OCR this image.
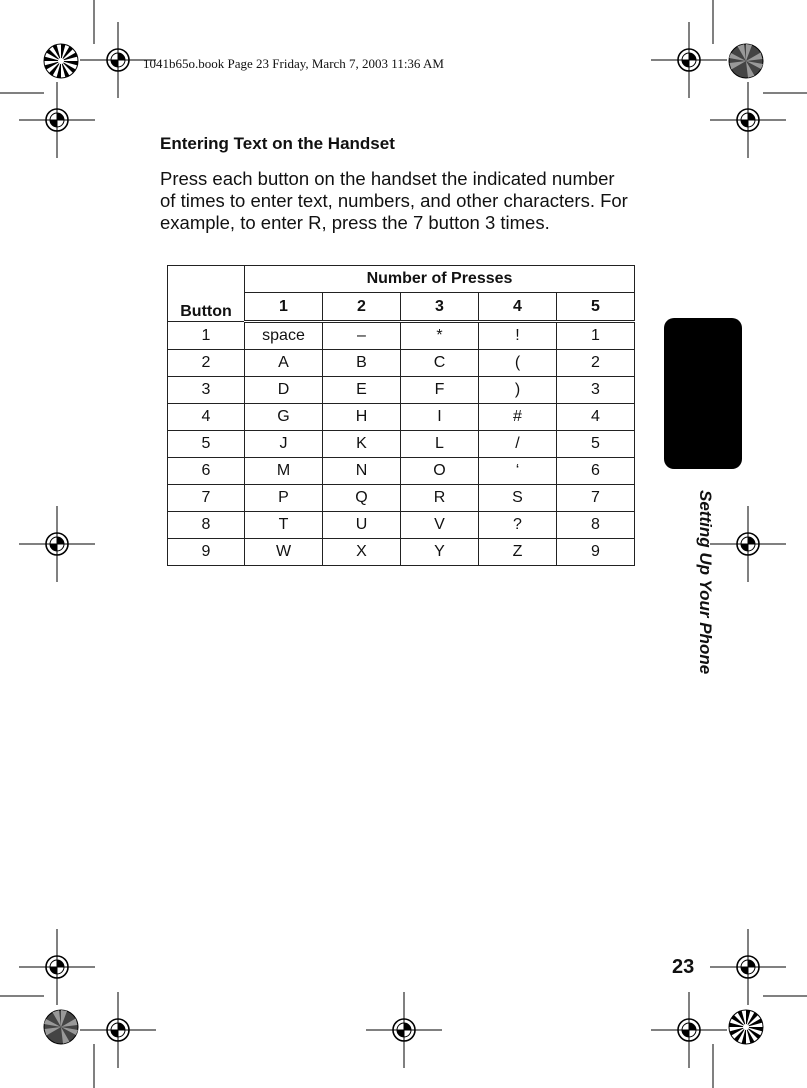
1041b65o.book Page 23 Friday, March 7, 2003 11:36 AM
Entering Text on the Handset

Press each button on the handset the indicated number of times to enter text, numbers, and other characters. For example, to enter R, press the 7 button 3 times.

Button	Number of Presses				
	1	2	3	4	5
1	space	–	*	!	1
2	A	B	C	(	2
3	D	E	F	)	3
4	G	H	I	#	4
5	J	K	L	/	5
6	M	N	O	‘	6
7	P	Q	R	S	7
8	T	U	V	?	8
9	W	X	Y	Z	9	Setting Up Your Phone
23
